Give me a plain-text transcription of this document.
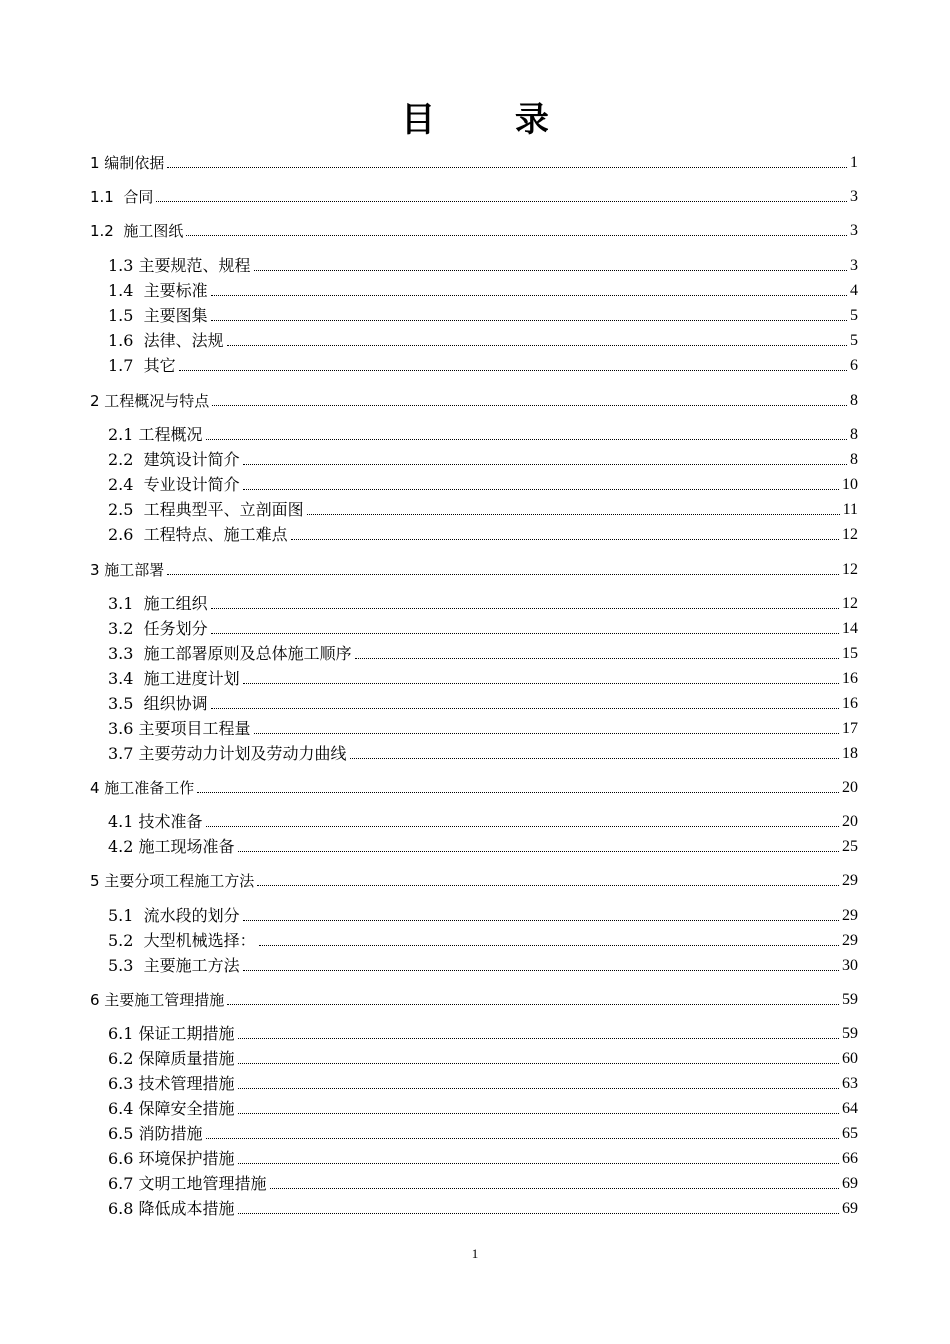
目 录
1 编制依据	1
1.1  合同	3
1.2  施工图纸	3
1.3 主要规范、规程	3
1.4  主要标准	4
1.5  主要图集	5
1.6  法律、法规	5
1.7  其它	6
2 工程概况与特点	8
2.1 工程概况	8
2.2  建筑设计简介	8
2.4  专业设计简介	10
2.5  工程典型平、立剖面图	11
2.6  工程特点、施工难点	12
3 施工部署	12
3.1  施工组织	12
3.2  任务划分	14
3.3  施工部署原则及总体施工顺序	15
3.4  施工进度计划	16
3.5  组织协调	16
3.6 主要项目工程量	17
3.7 主要劳动力计划及劳动力曲线	18
4 施工准备工作	20
4.1 技术准备	20
4.2 施工现场准备	25
5 主要分项工程施工方法	29
5.1  流水段的划分	29
5.2  大型机械选择：	29
5.3  主要施工方法	30
6 主要施工管理措施	59
6.1 保证工期措施	59
6.2 保障质量措施	60
6.3 技术管理措施	63
6.4 保障安全措施	64
6.5 消防措施	65
6.6 环境保护措施	66
6.7 文明工地管理措施	69
6.8 降低成本措施	69
1
